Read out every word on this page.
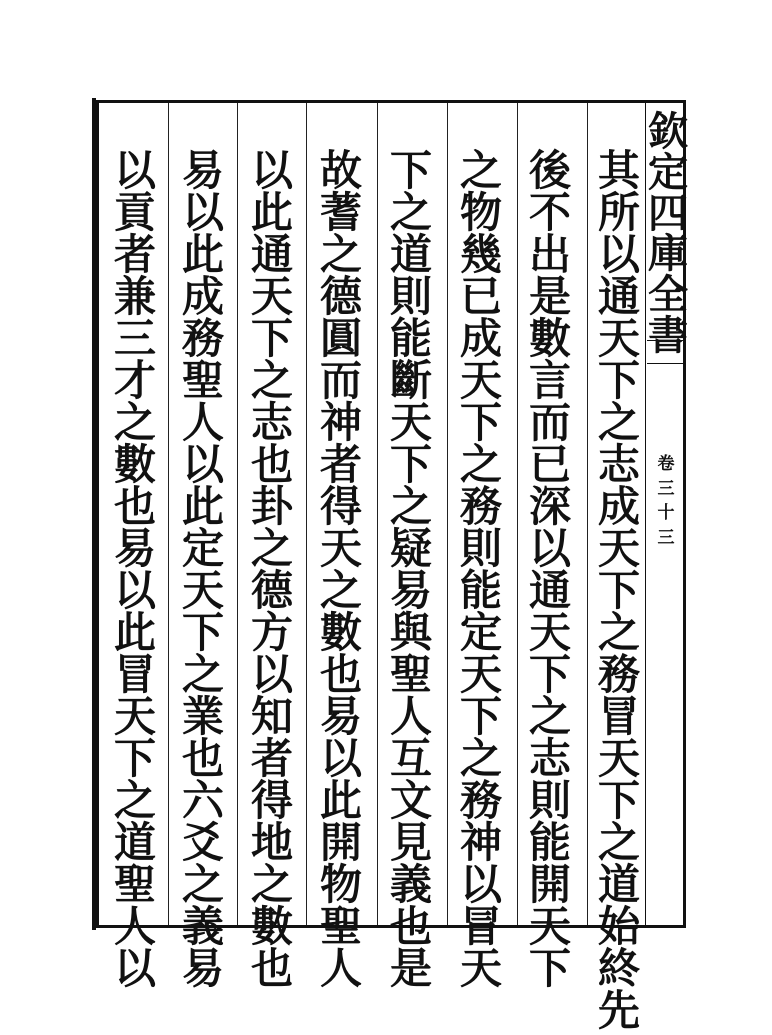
欽
定
四
庫
全
書
卷
三
十
三
其
所
以
通
天
下
之
志
成
天
下
之
務
冒
天
下
之
道
始
終
先
後
不
出
是
數
言
而
已
深
以
通
天
下
之
志
則
能
開
天
下
之
物
幾
已
成
天
下
之
務
則
能
定
天
下
之
務
神
以
冒
天
下
之
道
則
能
斷
天
下
之
疑
易
與
聖
人
互
文
見
義
也
是
故
蓍
之
德
圓
而
神
者
得
天
之
數
也
易
以
此
開
物
聖
人
以
此
通
天
下
之
志
也
卦
之
德
方
以
知
者
得
地
之
數
也
易
以
此
成
務
聖
人
以
此
定
天
下
之
業
也
六
爻
之
義
易
以
貢
者
兼
三
才
之
數
也
易
以
此
冒
天
下
之
道
聖
人
以
